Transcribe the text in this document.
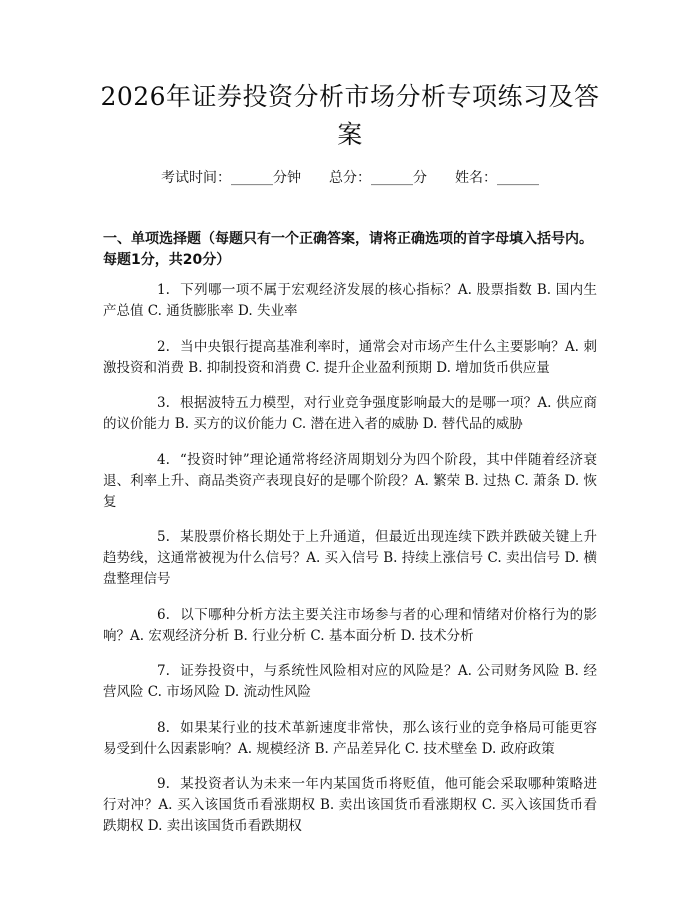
2026年证券投资分析市场分析专项练习及答案
考试时间：______分钟 总分：______分 姓名：______
一、单项选择题（每题只有一个正确答案，请将正确选项的首字母填入括号内。每题1分，共20分）

1. 下列哪一项不属于宏观经济发展的核心指标？A. 股票指数 B. 国内生产总值 C. 通货膨胀率 D. 失业率

2. 当中央银行提高基准利率时，通常会对市场产生什么主要影响？A. 刺激投资和消费 B. 抑制投资和消费 C. 提升企业盈利预期 D. 增加货币供应量

3. 根据波特五力模型，对行业竞争强度影响最大的是哪一项？A. 供应商的议价能力 B. 买方的议价能力 C. 潜在进入者的威胁 D. 替代品的威胁

4. “投资时钟”理论通常将经济周期划分为四个阶段，其中伴随着经济衰退、利率上升、商品类资产表现良好的是哪个阶段？A. 繁荣 B. 过热 C. 萧条 D. 恢复

5. 某股票价格长期处于上升通道，但最近出现连续下跌并跌破关键上升趋势线，这通常被视为什么信号？A. 买入信号 B. 持续上涨信号 C. 卖出信号 D. 横盘整理信号

6. 以下哪种分析方法主要关注市场参与者的心理和情绪对价格行为的影响？A. 宏观经济分析 B. 行业分析 C. 基本面分析 D. 技术分析

7. 证券投资中，与系统性风险相对应的风险是？A. 公司财务风险 B. 经营风险 C. 市场风险 D. 流动性风险

8. 如果某行业的技术革新速度非常快，那么该行业的竞争格局可能更容易受到什么因素影响？A. 规模经济 B. 产品差异化 C. 技术壁垒 D. 政府政策

9. 某投资者认为未来一年内某国货币将贬值，他可能会采取哪种策略进行对冲？A. 买入该国货币看涨期权 B. 卖出该国货币看涨期权 C. 买入该国货币看跌期权 D. 卖出该国货币看跌期权
